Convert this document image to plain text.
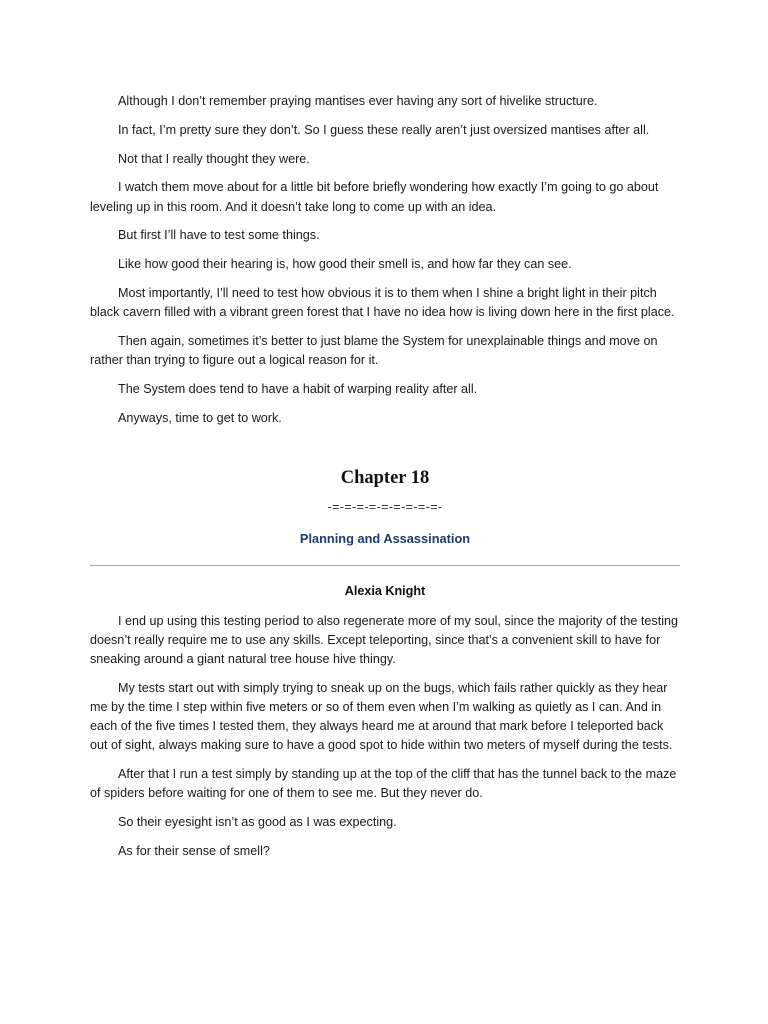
Although I don’t remember praying mantises ever having any sort of hivelike structure.

In fact, I’m pretty sure they don’t. So I guess these really aren’t just oversized mantises after all.

Not that I really thought they were.

I watch them move about for a little bit before briefly wondering how exactly I’m going to go about leveling up in this room. And it doesn’t take long to come up with an idea.

But first I’ll have to test some things.

Like how good their hearing is, how good their smell is, and how far they can see.

Most importantly, I’ll need to test how obvious it is to them when I shine a bright light in their pitch black cavern filled with a vibrant green forest that I have no idea how is living down here in the first place.

Then again, sometimes it’s better to just blame the System for unexplainable things and move on rather than trying to figure out a logical reason for it.

The System does tend to have a habit of warping reality after all.

Anyways, time to get to work.

Chapter 18
-=-=-=-=-=-=-=-=-=-
Planning and Assassination
Alexia Knight

I end up using this testing period to also regenerate more of my soul, since the majority of the testing doesn’t really require me to use any skills. Except teleporting, since that’s a convenient skill to have for sneaking around a giant natural tree house hive thingy.

My tests start out with simply trying to sneak up on the bugs, which fails rather quickly as they hear me by the time I step within five meters or so of them even when I’m walking as quietly as I can. And in each of the five times I tested them, they always heard me at around that mark before I teleported back out of sight, always making sure to have a good spot to hide within two meters of myself during the tests.

After that I run a test simply by standing up at the top of the cliff that has the tunnel back to the maze of spiders before waiting for one of them to see me. But they never do.

So their eyesight isn’t as good as I was expecting.

As for their sense of smell?
